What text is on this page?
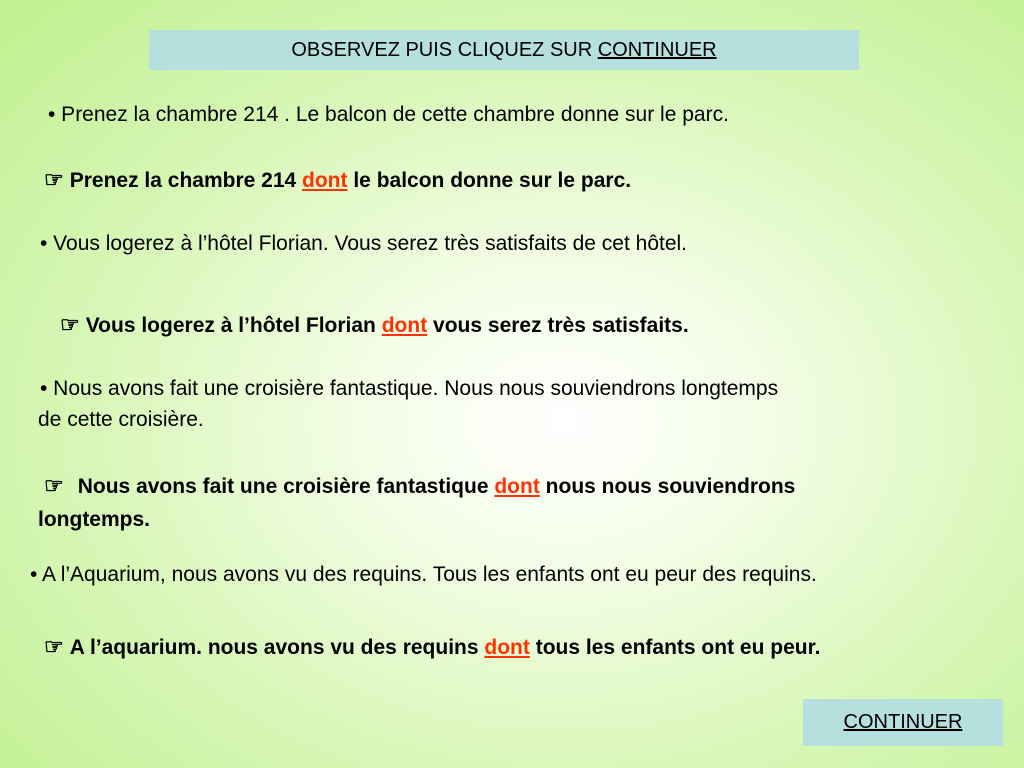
OBSERVEZ PUIS CLIQUEZ SUR CONTINUER
• Prenez la chambre 214 . Le balcon de cette chambre donne sur le parc.
☞ Prenez la chambre 214 dont le balcon donne sur le parc.
• Vous logerez à l’hôtel Florian. Vous serez très satisfaits de cet hôtel.
☞ Vous logerez à l’hôtel Florian dont vous serez très satisfaits.
• Nous avons fait une croisière fantastique. Nous nous souviendrons longtemps
de cette croisière.
☞ Nous avons fait une croisière fantastique dont nous nous souviendrons
longtemps.
• A l’Aquarium, nous avons vu des requins. Tous les enfants ont eu peur des requins.
☞ A l’aquarium. nous avons vu des requins dont tous les enfants ont eu peur.
CONTINUER
